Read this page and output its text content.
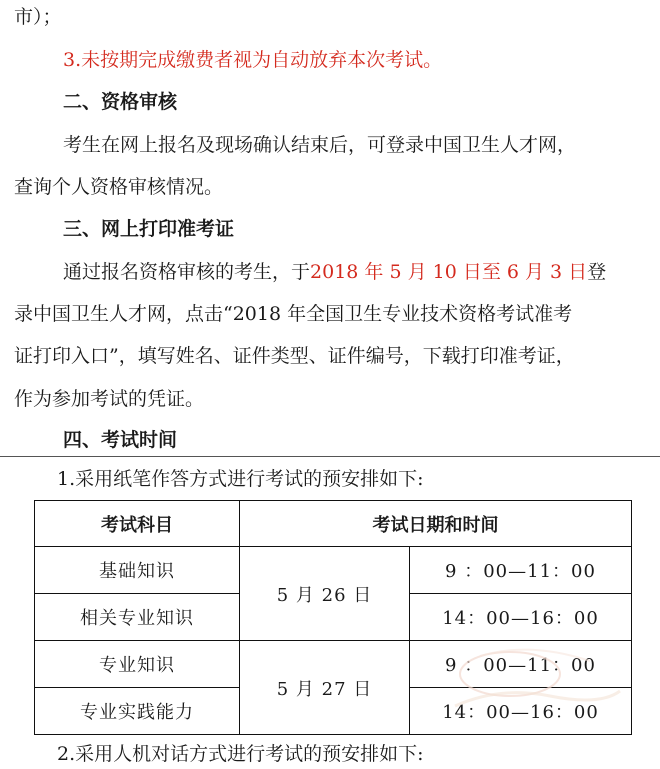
市）；
3.未按期完成缴费者视为自动放弃本次考试。
二、资格审核
考生在网上报名及现场确认结束后，可登录中国卫生人才网，
查询个人资格审核情况。
三、网上打印准考证
通过报名资格审核的考生，于2018 年 5 月 10 日至 6 月 3 日登
录中国卫生人才网，点击“2018 年全国卫生专业技术资格考试准考
证打印入口”，填写姓名、证件类型、证件编号，下载打印准考证，
作为参加考试的凭证。
四、考试时间
1.采用纸笔作答方式进行考试的预安排如下:
考试科目	考试日期和时间	
基础知识	5 月 26 日	9 ：00—11：00
相关专业知识		14：00—16：00
专业知识	5 月 27 日	9 ：00—11：00
专业实践能力		14：00—16：00
2.采用人机对话方式进行考试的预安排如下:
